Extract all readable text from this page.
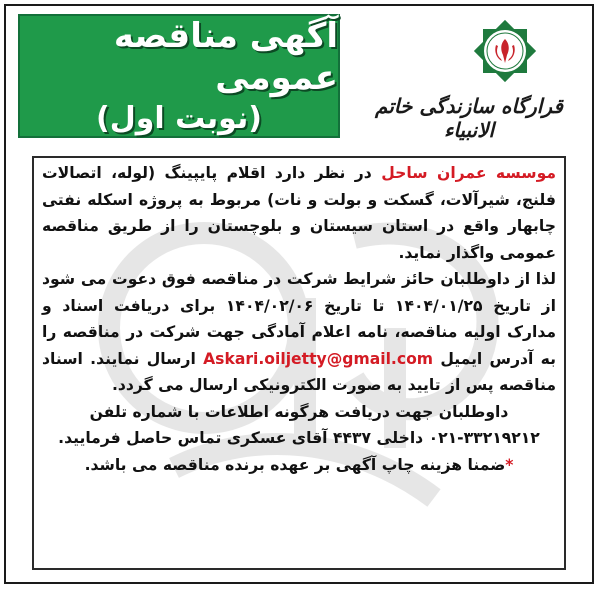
آگهی مناقصه عمومی
(نوبت اول)	قرارگاه سازندگی خاتم الانبیاء

موسسه عمران ساحل در نظر دارد اقلام پایپینگ (لوله، اتصالات فلنج، شیرآلات، گسکت و بولت و نات) مربوط به پروژه اسکله نفتی چابهار واقع در استان سیستان و بلوچستان را از طریق مناقصه عمومی واگذار نماید.

لذا از داوطلبان حائز شرایط شرکت در مناقصه فوق دعوت می شود از تاریخ ۱۴۰۴/۰۱/۲۵ تا تاریخ ۱۴۰۴/۰۲/۰۶ برای دریافت اسناد و مدارک اولیه مناقصه، نامه اعلام آمادگی جهت شرکت در مناقصه را به آدرس ایمیل Askari.oiljetty@gmail.com ارسال نمایند. اسناد مناقصه پس از تایید به صورت الکترونیکی ارسال می گردد.

داوطلبان جهت دریافت هرگونه اطلاعات با شماره تلفن ۳۳۲۱۹۲۱۲-۰۲۱ داخلی ۴۴۳۷ آقای عسکری تماس حاصل فرمایید.

*ضمنا هزینه چاپ آگهی بر عهده برنده مناقصه می باشد.
